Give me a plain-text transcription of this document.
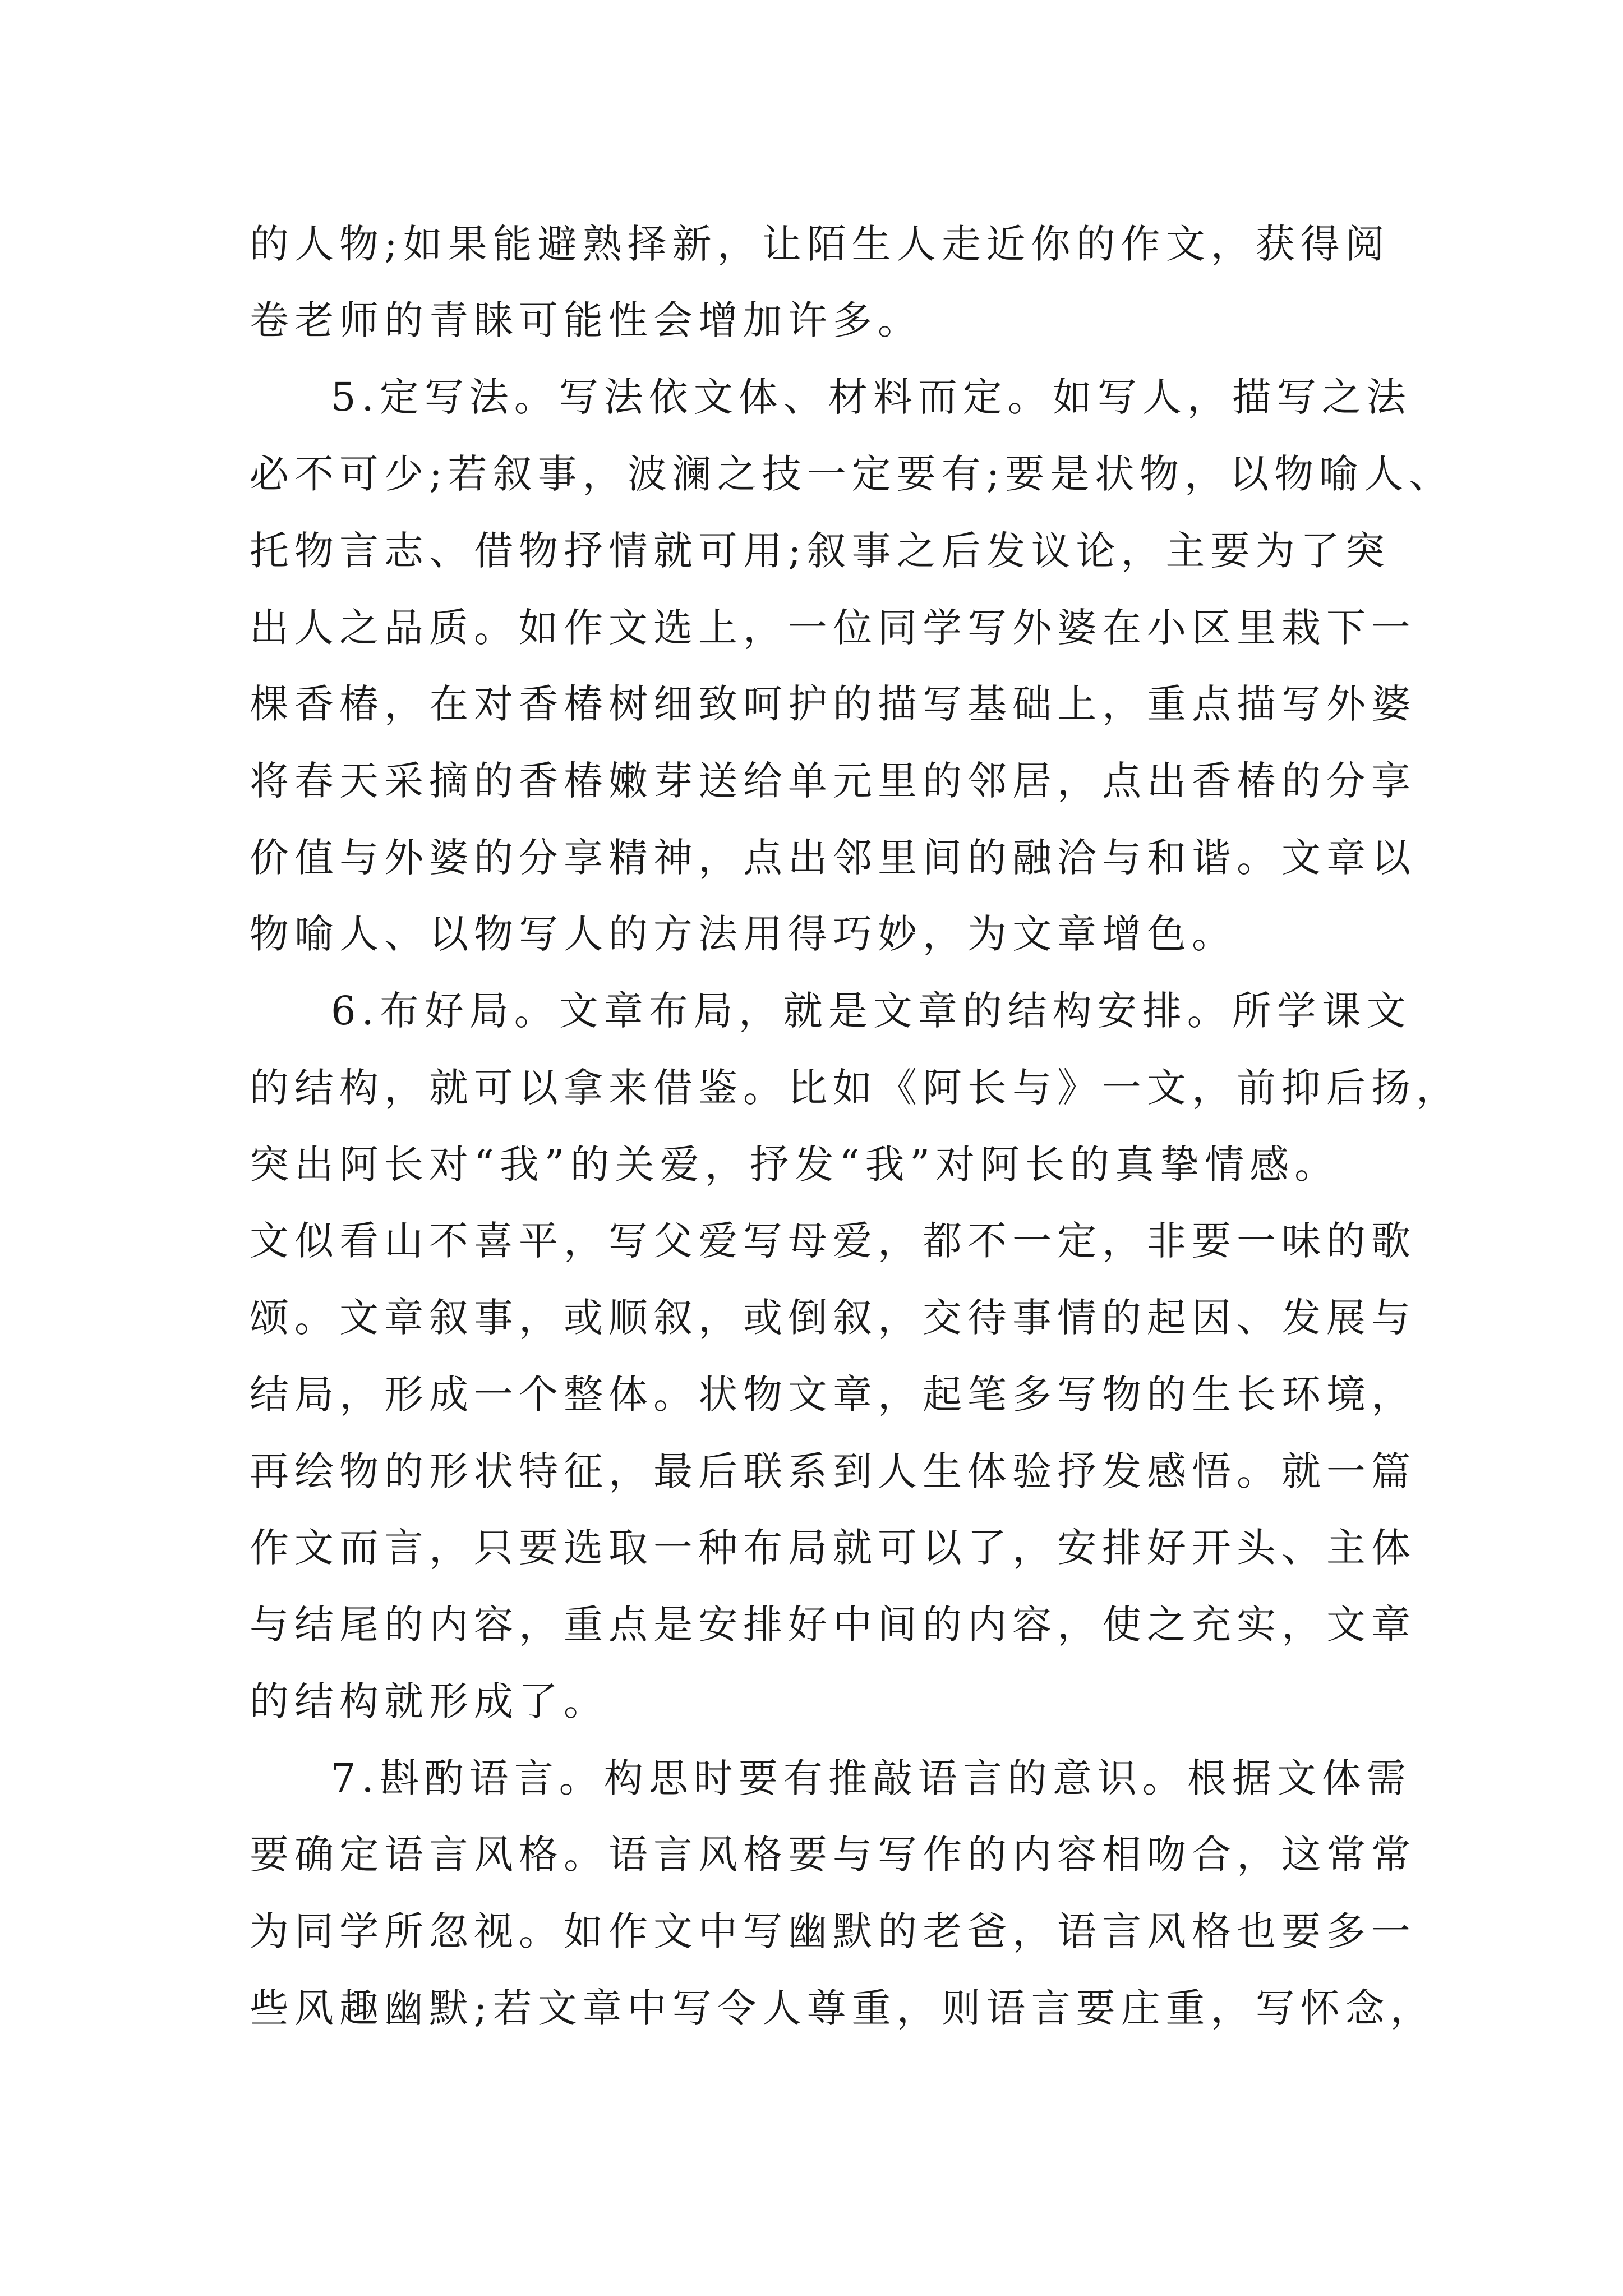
的人物;如果能避熟择新，让陌生人走近你的作文，获得阅
卷老师的青睐可能性会增加许多。
5.定写法。写法依文体、材料而定。如写人，描写之法
必不可少;若叙事，波澜之技一定要有;要是状物，以物喻人、
托物言志、借物抒情就可用;叙事之后发议论，主要为了突
出人之品质。如作文选上，一位同学写外婆在小区里栽下一
棵香椿，在对香椿树细致呵护的描写基础上，重点描写外婆
将春天采摘的香椿嫩芽送给单元里的邻居，点出香椿的分享
价值与外婆的分享精神，点出邻里间的融洽与和谐。文章以
物喻人、以物写人的方法用得巧妙，为文章增色。
6.布好局。文章布局，就是文章的结构安排。所学课文
的结构，就可以拿来借鉴。比如《阿长与》一文，前抑后扬，
突出阿长对“我”的关爱，抒发“我”对阿长的真挚情感。
文似看山不喜平，写父爱写母爱，都不一定，非要一味的歌
颂。文章叙事，或顺叙，或倒叙，交待事情的起因、发展与
结局，形成一个整体。状物文章，起笔多写物的生长环境，
再绘物的形状特征，最后联系到人生体验抒发感悟。就一篇
作文而言，只要选取一种布局就可以了，安排好开头、主体
与结尾的内容，重点是安排好中间的内容，使之充实，文章
的结构就形成了。
7.斟酌语言。构思时要有推敲语言的意识。根据文体需
要确定语言风格。语言风格要与写作的内容相吻合，这常常
为同学所忽视。如作文中写幽默的老爸，语言风格也要多一
些风趣幽默;若文章中写令人尊重，则语言要庄重，写怀念，
